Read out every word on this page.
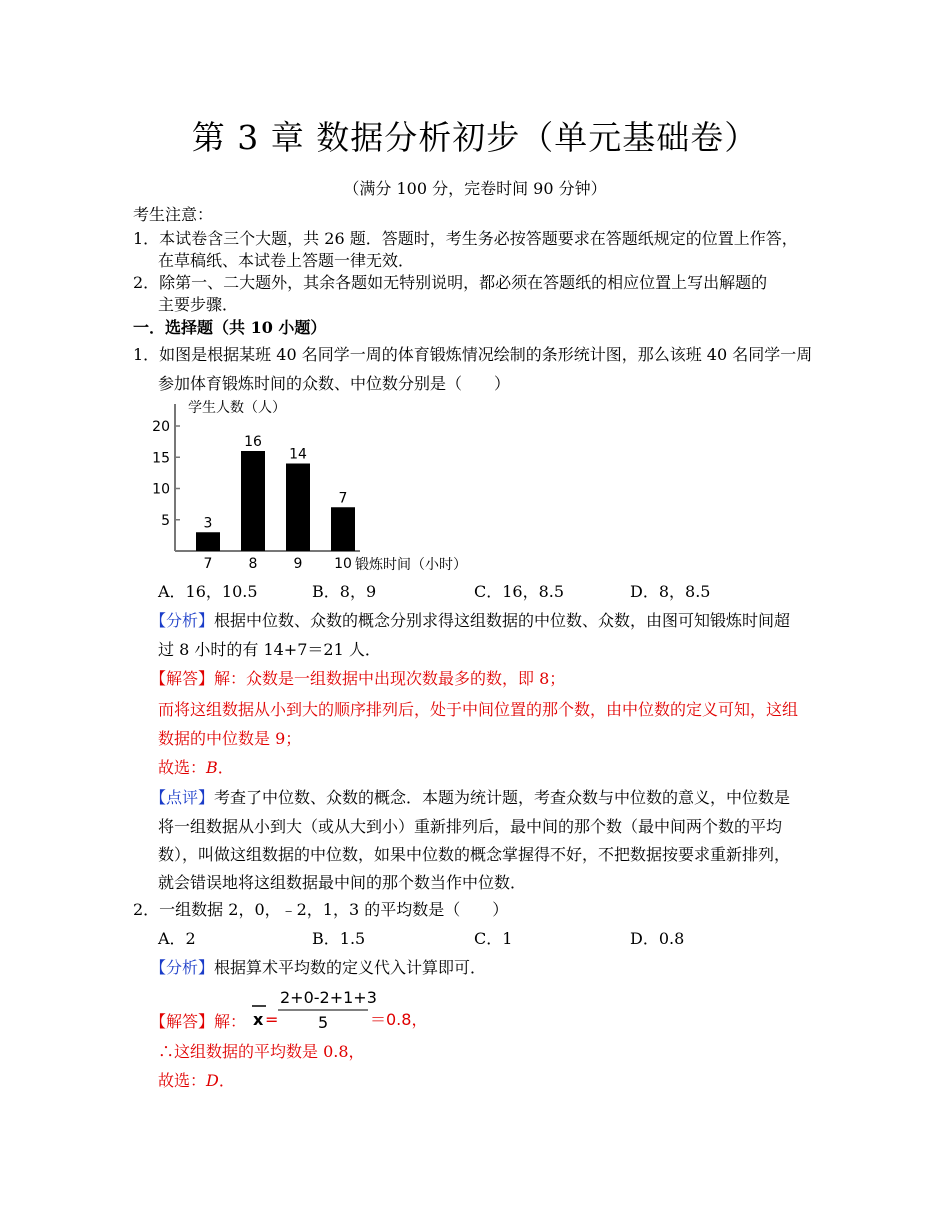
第 3 章 数据分析初步（单元基础卷）
（满分 100 分，完卷时间 90 分钟）
考生注意：
1．本试卷含三个大题，共 26 题．答题时，考生务必按答题要求在答题纸规定的位置上作答，
在草稿纸、本试卷上答题一律无效．
2．除第一、二大题外，其余各题如无特别说明，都必须在答题纸的相应位置上写出解题的
主要步骤．
一．选择题（共 10 小题）
1．如图是根据某班 40 名同学一周的体育锻炼情况绘制的条形统计图，那么该班 40 名同学一周
参加体育锻炼时间的众数、中位数分别是（　　）
学生人数（人）
锻炼时间（小时）
5
10
15
20
3
7
16
8
14
9
7
10
A．16，10.5	B．8，9	C．16，8.5	D．8，8.5
【分析】根据中位数、众数的概念分别求得这组数据的中位数、众数，由图可知锻炼时间超
过 8 小时的有 14+7＝21 人．
【解答】解：众数是一组数据中出现次数最多的数，即 8；
而将这组数据从小到大的顺序排列后，处于中间位置的那个数，由中位数的定义可知，这组
数据的中位数是 9；
故选：B．
【点评】考查了中位数、众数的概念．本题为统计题，考查众数与中位数的意义，中位数是
将一组数据从小到大（或从大到小）重新排列后，最中间的那个数（最中间两个数的平均
数），叫做这组数据的中位数，如果中位数的概念掌握得不好，不把数据按要求重新排列，
就会错误地将这组数据最中间的那个数当作中位数．
2．一组数据 2，0，﹣2，1，3 的平均数是（　　）
A．2	B．1.5	C．1	D．0.8
【分析】根据算术平均数的定义代入计算即可．
【解答】解： x =
2+0-2+1+3
5	＝0.8，
∴这组数据的平均数是 0.8，
故选：D．
